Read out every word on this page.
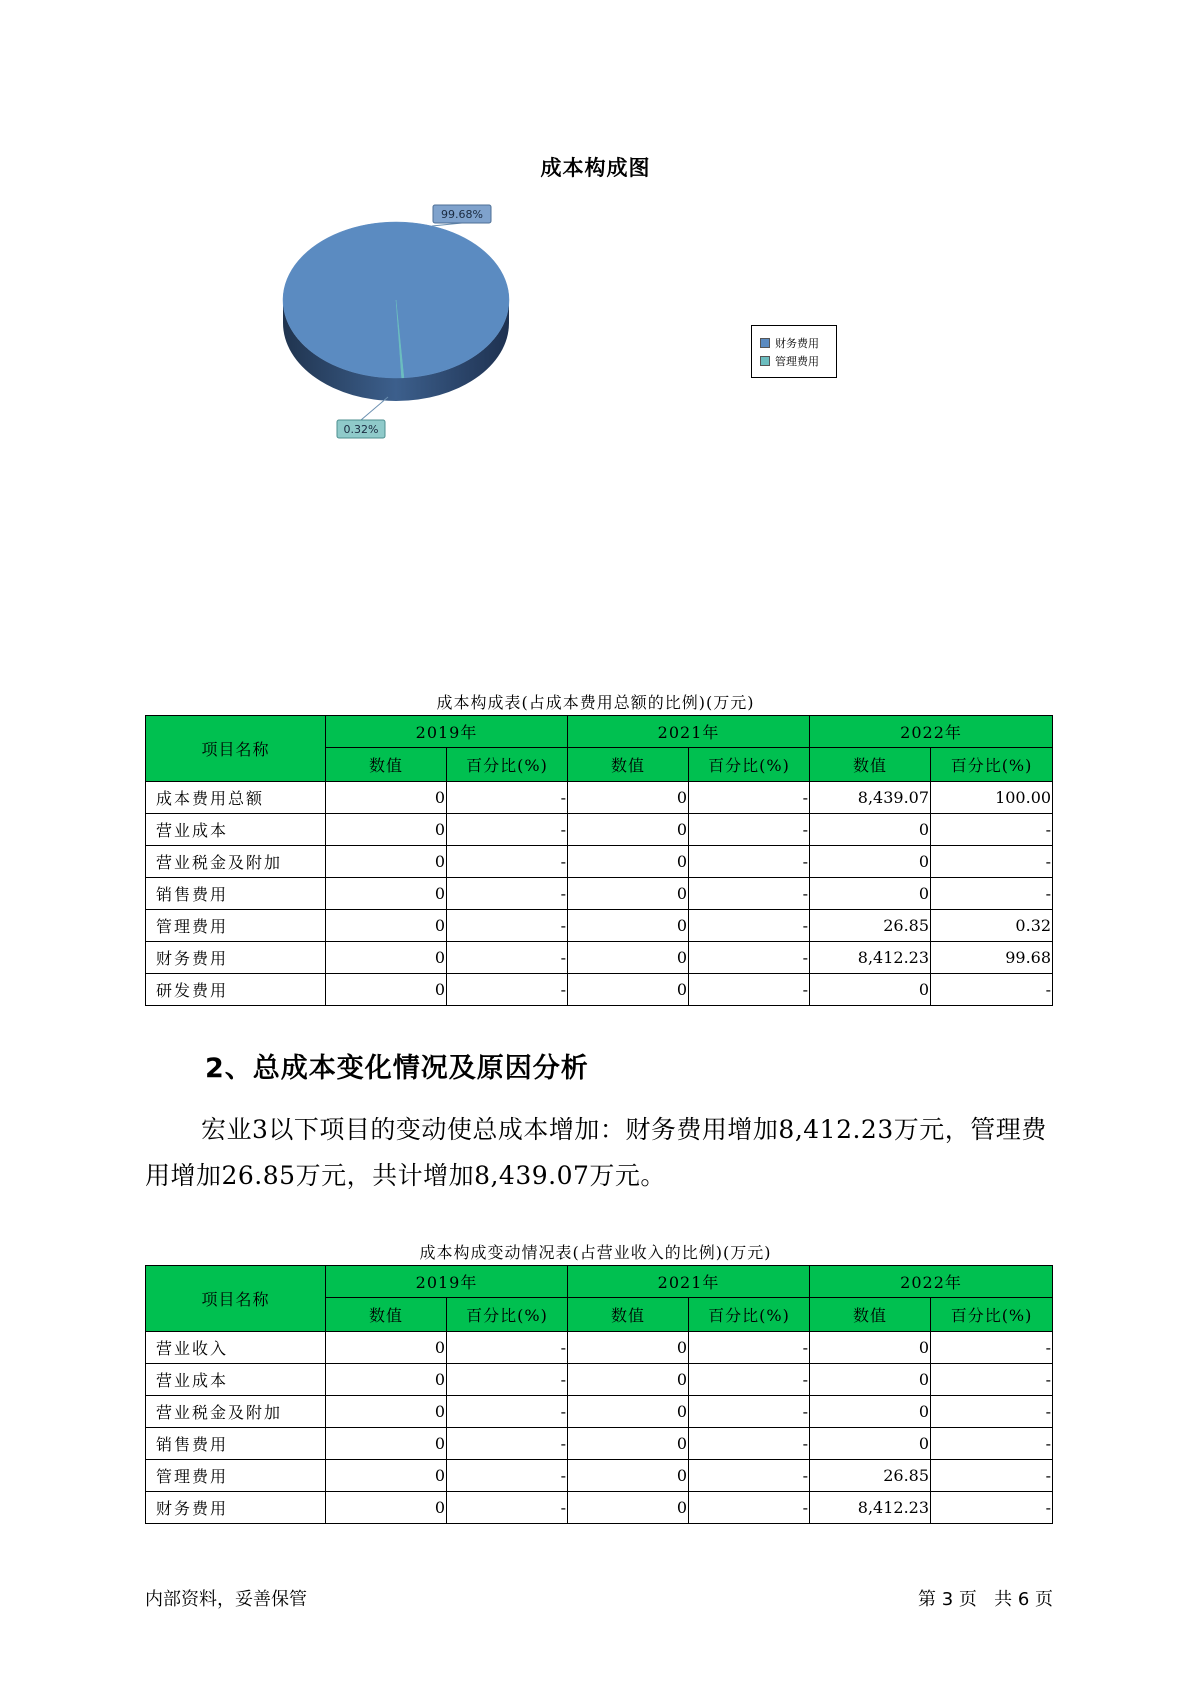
成本构成图
99.68%
0.32%
财务费用
管理费用
成本构成表(占成本费用总额的比例)(万元)
项目名称	2019年		2021年		2022年	
	数值	百分比(%)	数值	百分比(%)	数值	百分比(%)
成本费用总额	0	-	0	-	8,439.07	100.00
营业成本	0	-	0	-	0	-
营业税金及附加	0	-	0	-	0	-
销售费用	0	-	0	-	0	-
管理费用	0	-	0	-	26.85	0.32
财务费用	0	-	0	-	8,412.23	99.68
研发费用	0	-	0	-	0	-
2、总成本变化情况及原因分析
宏业3以下项目的变动使总成本增加：财务费用增加8,412.23万元，管理费用增加26.85万元，共计增加8,439.07万元。
成本构成变动情况表(占营业收入的比例)(万元)
项目名称	2019年		2021年		2022年	
	数值	百分比(%)	数值	百分比(%)	数值	百分比(%)
营业收入	0	-	0	-	0	-
营业成本	0	-	0	-	0	-
营业税金及附加	0	-	0	-	0	-
销售费用	0	-	0	-	0	-
管理费用	0	-	0	-	26.85	-
财务费用	0	-	0	-	8,412.23	-
内部资料，妥善保管	第 3 页   共 6 页
